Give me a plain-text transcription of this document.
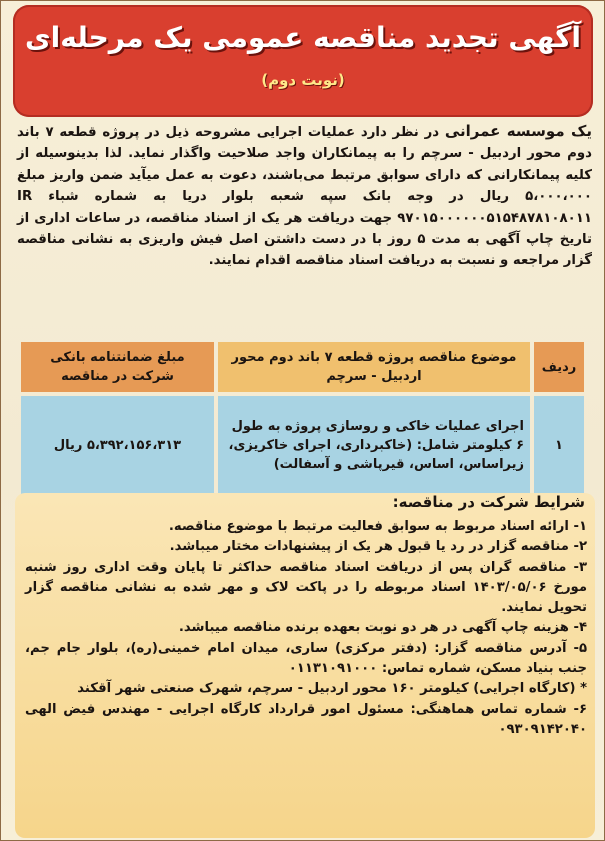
آگهی تجدید مناقصه عمومی یک مرحله‌ای
(نوبت دوم)
یک موسسه عمرانی در نظر دارد عملیات اجرایی مشروحه ذیل در پروژه قطعه ۷ باند دوم محور اردبیل - سرچم را به پیمانکاران واجد صلاحیت واگذار نماید. لذا بدینوسیله از کلیه پیمانکارانی که دارای سوابق مرتبط می‌باشند، دعوت به عمل میآید ضمن واریز مبلغ ۵،۰۰۰،۰۰۰ ریال در وجه بانک سپه شعبه بلوار دریا به شماره شباء IR ۹۷۰۱۵۰۰۰۰۰۰۵۱۵۴۸۷۸۱۰۸۰۱۱ جهت دریافت هر یک از اسناد مناقصه، در ساعات اداری از تاریخ چاپ آگهی به مدت ۵ روز با در دست داشتن اصل فیش واریزی به نشانی مناقصه گزار مراجعه و نسبت به دریافت اسناد مناقصه اقدام نمایند.
مبلغ ضمانتنامه بانکی شرکت در مناقصه	موضوع مناقصه پروژه قطعه ۷ باند دوم محور اردبیل - سرچم	ردیف
۵،۳۹۲،۱۵۶،۳۱۳ ریال	اجرای عملیات خاکی و روسازی پروژه به طول ۶ کیلومتر شامل: (خاکبرداری، اجرای خاکریزی، زیراساس، اساس، قیرپاشی و آسفالت)	۱
شرایط شرکت در مناقصه:

۱- ارائه اسناد مربوط به سوابق فعالیت مرتبط با موضوع مناقصه.

۲- مناقصه گزار در رد یا قبول هر یک از پیشنهادات مختار میباشد.

۳- مناقصه گران پس از دریافت اسناد مناقصه حداکثر تا پایان وقت اداری روز شنبه مورخ ۱۴۰۳/۰۵/۰۶ اسناد مربوطه را در پاکت لاک و مهر شده به نشانی مناقصه گزار تحویل نمایند.

۴- هزینه چاپ آگهی در هر دو نوبت بعهده برنده مناقصه میباشد.

۵- آدرس مناقصه گزار: (دفتر مرکزی) ساری، میدان امام خمینی(ره)، بلوار جام جم، جنب بنیاد مسکن، شماره تماس: ۰۱۱۳۱۰۹۱۰۰۰

* (کارگاه اجرایی) کیلومتر ۱۶۰ محور اردبیل - سرچم، شهرک صنعتی شهر آقکند

۶- شماره تماس هماهنگی: مسئول امور قرارداد کارگاه اجرایی - مهندس فیض الهی ۰۹۳۰۹۱۴۲۰۴۰
